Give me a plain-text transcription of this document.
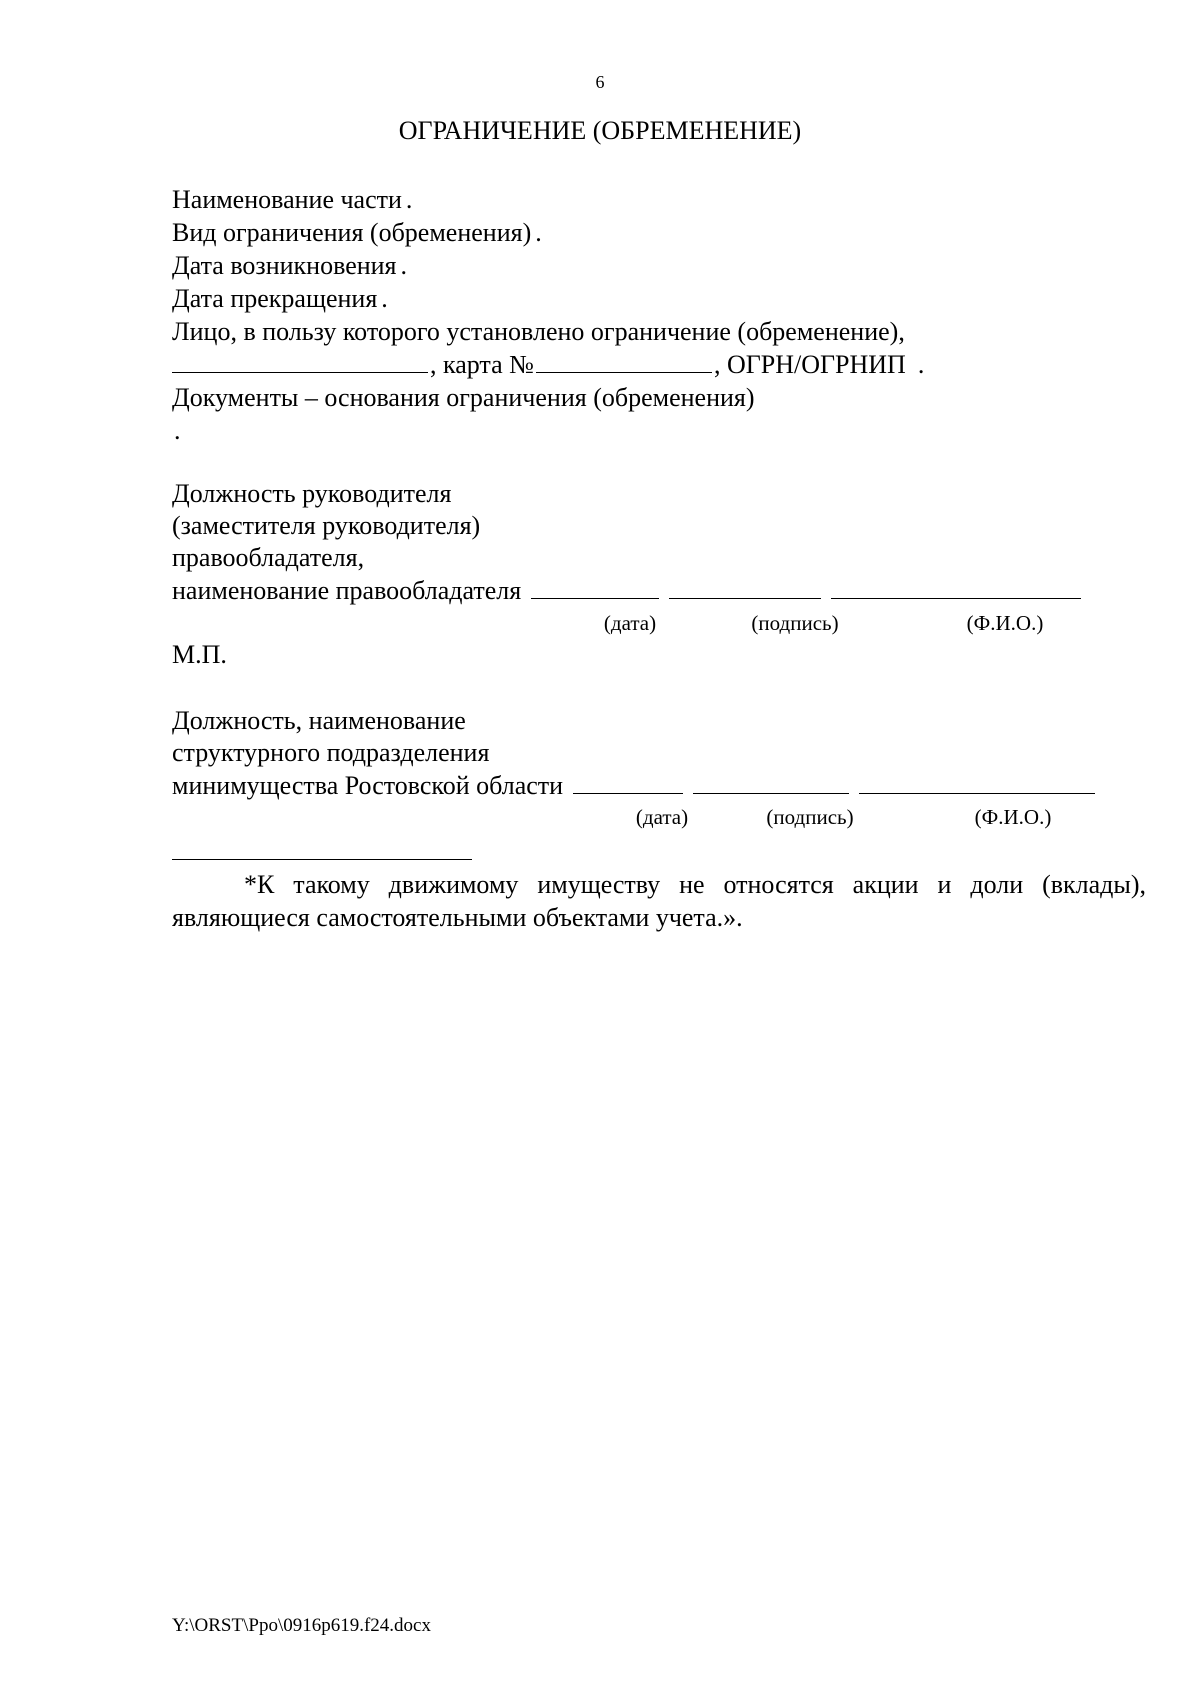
6
ОГРАНИЧЕНИЕ (ОБРЕМЕНЕНИЕ)
Наименование части .
Вид ограничения (обременения) .
Дата возникновения .
Дата прекращения .
Лицо, в пользу которого установлено ограничение (обременение),
, карта №	, ОГРН/ОГРНИП .
Документы – основания ограничения (обременения)
.
Должность руководителя
(заместителя руководителя)
правообладателя,
наименование правообладателя
(дата)	(подпись)	(Ф.И.О.)
М.П.
Должность, наименование
структурного подразделения
минимущества Ростовской области
(дата)	(подпись)	(Ф.И.О.)
*К такому движимому имуществу не относятся акции и доли (вклады), являющиеся самостоятельными объектами учета.».
Y:\ORST\Ppo\0916p619.f24.docx
